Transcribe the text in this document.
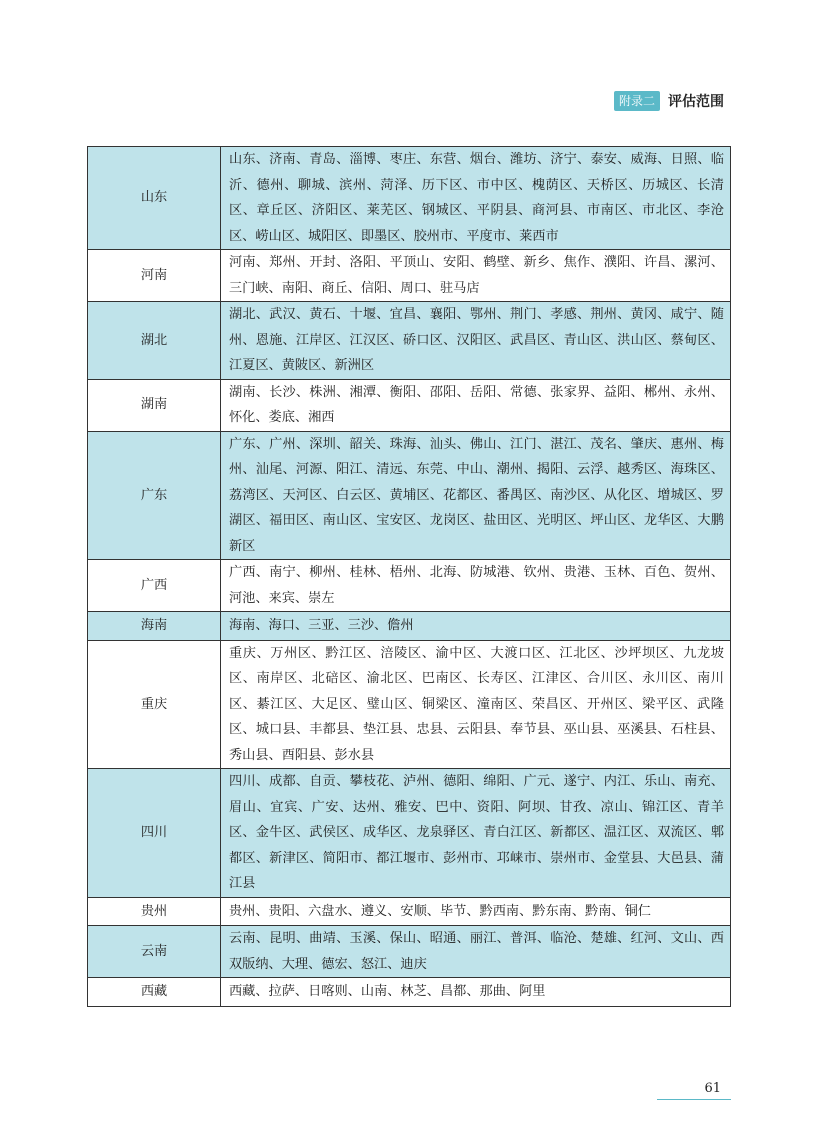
附录二 评估范围
山东	山东、济南、青岛、淄博、枣庄、东营、烟台、潍坊、济宁、泰安、威海、日照、临沂、德州、聊城、滨州、菏泽、历下区、市中区、槐荫区、天桥区、历城区、长清区、章丘区、济阳区、莱芜区、钢城区、平阴县、商河县、市南区、市北区、李沧区、崂山区、城阳区、即墨区、胶州市、平度市、莱西市
河南	河南、郑州、开封、洛阳、平顶山、安阳、鹤壁、新乡、焦作、濮阳、许昌、漯河、三门峡、南阳、商丘、信阳、周口、驻马店
湖北	湖北、武汉、黄石、十堰、宜昌、襄阳、鄂州、荆门、孝感、荆州、黄冈、咸宁、随州、恩施、江岸区、江汉区、硚口区、汉阳区、武昌区、青山区、洪山区、蔡甸区、江夏区、黄陂区、新洲区
湖南	湖南、长沙、株洲、湘潭、衡阳、邵阳、岳阳、常德、张家界、益阳、郴州、永州、怀化、娄底、湘西
广东	广东、广州、深圳、韶关、珠海、汕头、佛山、江门、湛江、茂名、肇庆、惠州、梅州、汕尾、河源、阳江、清远、东莞、中山、潮州、揭阳、云浮、越秀区、海珠区、荔湾区、天河区、白云区、黄埔区、花都区、番禺区、南沙区、从化区、增城区、罗湖区、福田区、南山区、宝安区、龙岗区、盐田区、光明区、坪山区、龙华区、大鹏新区
广西	广西、南宁、柳州、桂林、梧州、北海、防城港、钦州、贵港、玉林、百色、贺州、河池、来宾、崇左
海南	海南、海口、三亚、三沙、儋州
重庆	重庆、万州区、黔江区、涪陵区、渝中区、大渡口区、江北区、沙坪坝区、九龙坡区、南岸区、北碚区、渝北区、巴南区、长寿区、江津区、合川区、永川区、南川区、綦江区、大足区、璧山区、铜梁区、潼南区、荣昌区、开州区、梁平区、武隆区、城口县、丰都县、垫江县、忠县、云阳县、奉节县、巫山县、巫溪县、石柱县、秀山县、酉阳县、彭水县
四川	四川、成都、自贡、攀枝花、泸州、德阳、绵阳、广元、遂宁、内江、乐山、南充、眉山、宜宾、广安、达州、雅安、巴中、资阳、阿坝、甘孜、凉山、锦江区、青羊区、金牛区、武侯区、成华区、龙泉驿区、青白江区、新都区、温江区、双流区、郫都区、新津区、简阳市、都江堰市、彭州市、邛崃市、崇州市、金堂县、大邑县、蒲江县
贵州	贵州、贵阳、六盘水、遵义、安顺、毕节、黔西南、黔东南、黔南、铜仁
云南	云南、昆明、曲靖、玉溪、保山、昭通、丽江、普洱、临沧、楚雄、红河、文山、西双版纳、大理、德宏、怒江、迪庆
西藏	西藏、拉萨、日喀则、山南、林芝、昌都、那曲、阿里
61
